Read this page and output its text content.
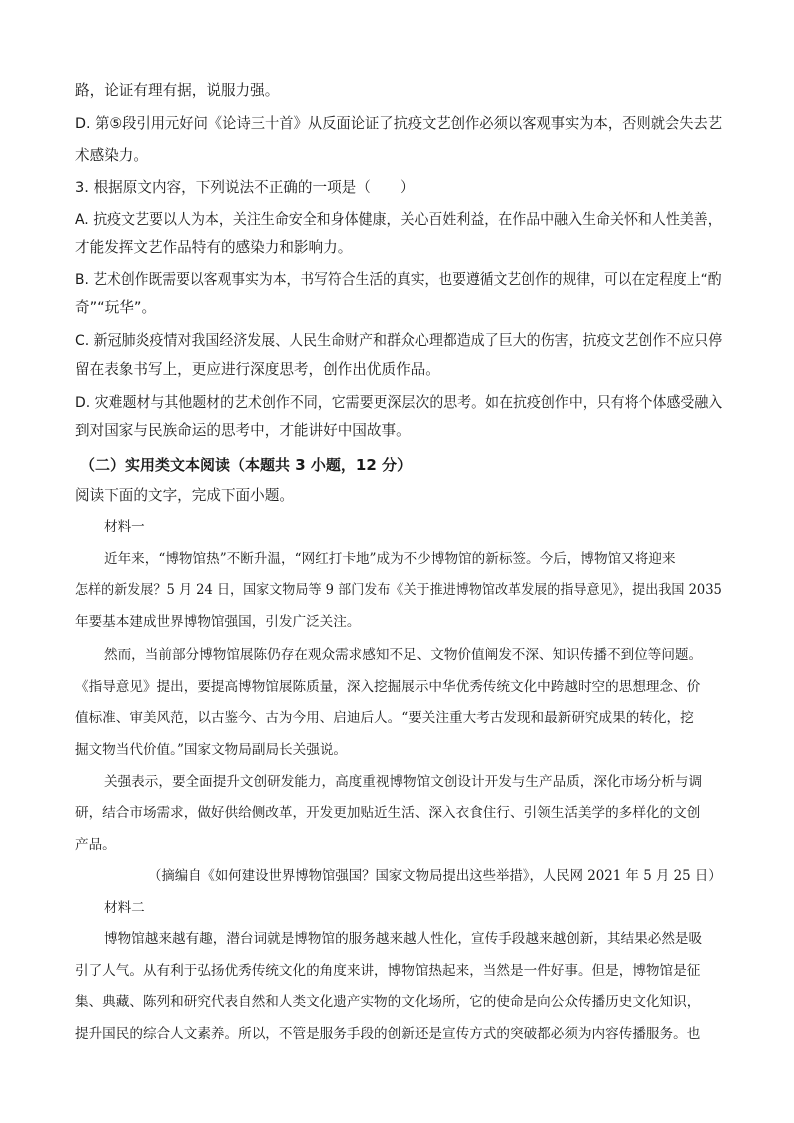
路，论证有理有据，说服力强。
D. 第⑤段引用元好问《论诗三十首》从反面论证了抗疫文艺创作必须以客观事实为本，否则就会失去艺
术感染力。
3. 根据原文内容，下列说法不正确的一项是（　　）
A. 抗疫文艺要以人为本，关注生命安全和身体健康，关心百姓利益，在作品中融入生命关怀和人性美善，
才能发挥文艺作品特有的感染力和影响力。
B. 艺术创作既需要以客观事实为本，书写符合生活的真实，也要遵循文艺创作的规律，可以在定程度上“酌
奇”“玩华”。
C. 新冠肺炎疫情对我国经济发展、人民生命财产和群众心理都造成了巨大的伤害，抗疫文艺创作不应只停
留在表象书写上，更应进行深度思考，创作出优质作品。
D. 灾难题材与其他题材的艺术创作不同，它需要更深层次的思考。如在抗疫创作中，只有将个体感受融入
到对国家与民族命运的思考中，才能讲好中国故事。
（二）实用类文本阅读（本题共 3 小题，12 分）
阅读下面的文字，完成下面小题。
材料一
近年来，“博物馆热”不断升温，“网红打卡地”成为不少博物馆的新标签。今后，博物馆又将迎来
怎样的新发展？5 月 24 日，国家文物局等 9 部门发布《关于推进博物馆改革发展的指导意见》，提出我国 2035
年要基本建成世界博物馆强国，引发广泛关注。
然而，当前部分博物馆展陈仍存在观众需求感知不足、文物价值阐发不深、知识传播不到位等问题。
《指导意见》提出，要提高博物馆展陈质量，深入挖掘展示中华优秀传统文化中跨越时空的思想理念、价
值标准、审美风范，以古鉴今、古为今用、启迪后人。“要关注重大考古发现和最新研究成果的转化，挖
掘文物当代价值。”国家文物局副局长关强说。
关强表示，要全面提升文创研发能力，高度重视博物馆文创设计开发与生产品质，深化市场分析与调
研，结合市场需求，做好供给侧改革，开发更加贴近生活、深入衣食住行、引领生活美学的多样化的文创
产品。
（摘编自《如何建设世界博物馆强国？国家文物局提出这些举措》，人民网 2021 年 5 月 25 日）
材料二
博物馆越来越有趣，潜台词就是博物馆的服务越来越人性化，宣传手段越来越创新，其结果必然是吸
引了人气。从有利于弘扬优秀传统文化的角度来讲，博物馆热起来，当然是一件好事。但是，博物馆是征
集、典藏、陈列和研究代表自然和人类文化遗产实物的文化场所，它的使命是向公众传播历史文化知识，
提升国民的综合人文素养。所以，不管是服务手段的创新还是宣传方式的突破都必须为内容传播服务。也
